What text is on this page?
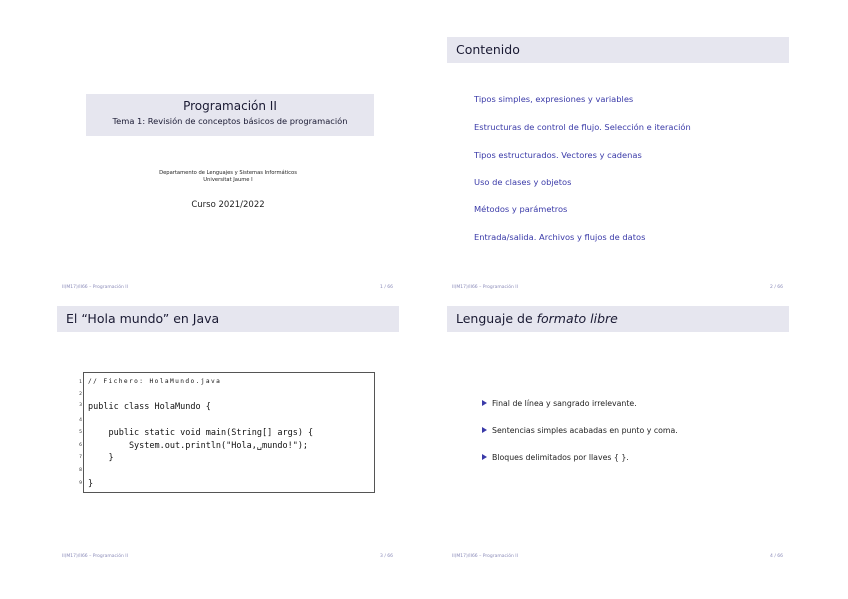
Programación II
Tema 1: Revisión de conceptos básicos de programación
Departamento de Lenguajes y Sistemas Informáticos
Universitat Jaume I
Curso 2021/2022
II(M17)/II66 – Programación II	1 / 66
Contenido
Tipos simples, expresiones y variables
Estructuras de control de flujo. Selección e iteración
Tipos estructurados. Vectores y cadenas
Uso de clases y objetos
Métodos y parámetros
Entrada/salida. Archivos y flujos de datos
II(M17)/II66 – Programación II	2 / 66
El “Hola mundo” en Java
1
2
3
4
5
6
7
8
9
// Fichero: HolaMundo.java
public class HolaMundo {
public static void main(String[] args) {
System.out.println("Hola,␣mundo!");
}
}
II(M17)/II66 – Programación II	3 / 66
Lenguaje de formato libre
Final de línea y sangrado irrelevante.
Sentencias simples acabadas en punto y coma.
Bloques delimitados por llaves { }.
II(M17)/II66 – Programación II	4 / 66
